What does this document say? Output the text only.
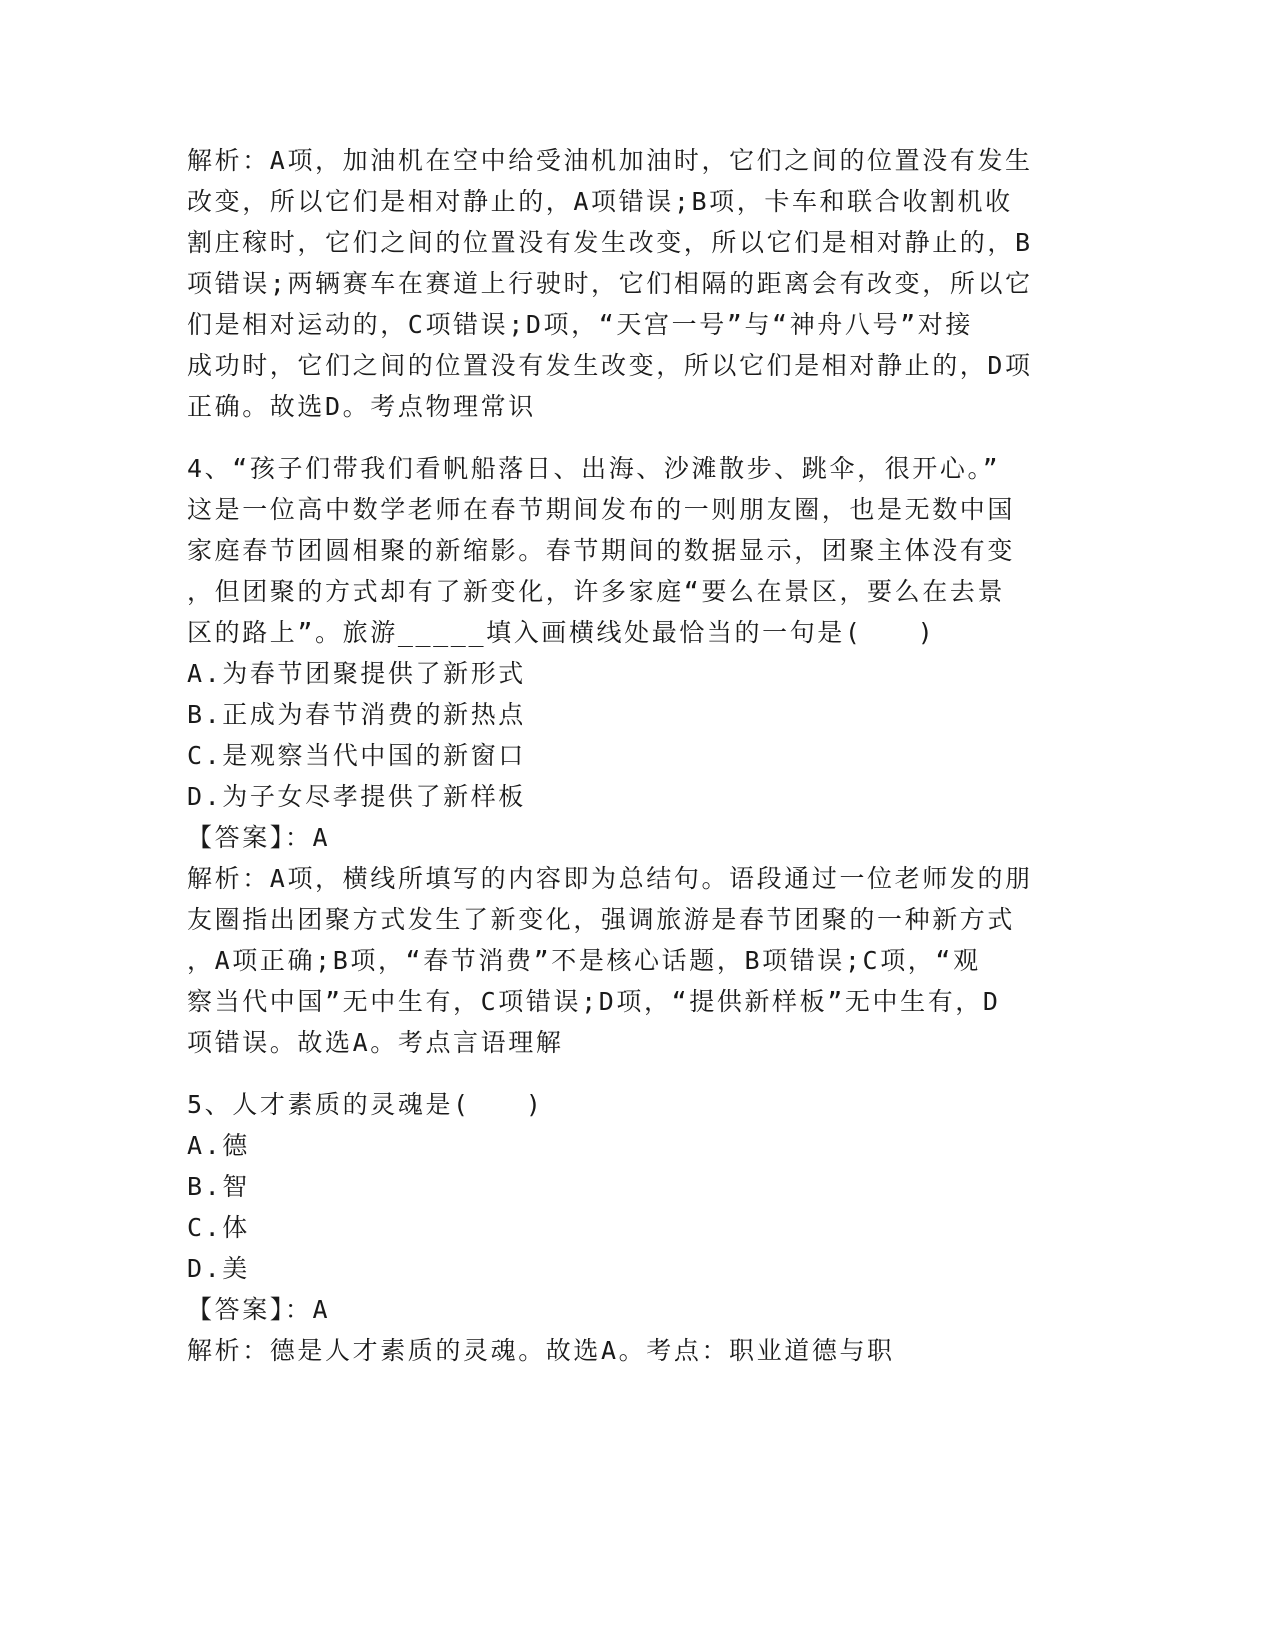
解析：A项，加油机在空中给受油机加油时，它们之间的位置没有发生
改变，所以它们是相对静止的，A项错误;B项，卡车和联合收割机收
割庄稼时，它们之间的位置没有发生改变，所以它们是相对静止的，B
项错误;两辆赛车在赛道上行驶时，它们相隔的距离会有改变，所以它
们是相对运动的，C项错误;D项，“天宫一号”与“神舟八号”对接
成功时，它们之间的位置没有发生改变，所以它们是相对静止的，D项
正确。故选D。考点物理常识
4、“孩子们带我们看帆船落日、出海、沙滩散步、跳伞，很开心。”
这是一位高中数学老师在春节期间发布的一则朋友圈，也是无数中国
家庭春节团圆相聚的新缩影。春节期间的数据显示，团聚主体没有变
，但团聚的方式却有了新变化，许多家庭“要么在景区，要么在去景
区的路上”。旅游_____填入画横线处最恰当的一句是(　　)
A.为春节团聚提供了新形式
B.正成为春节消费的新热点
C.是观察当代中国的新窗口
D.为子女尽孝提供了新样板
【答案】：A
解析：A项，横线所填写的内容即为总结句。语段通过一位老师发的朋
友圈指出团聚方式发生了新变化，强调旅游是春节团聚的一种新方式
，A项正确;B项，“春节消费”不是核心话题，B项错误;C项，“观
察当代中国”无中生有，C项错误;D项，“提供新样板”无中生有，D
项错误。故选A。考点言语理解
5、人才素质的灵魂是(　　)
A.德
B.智
C.体
D.美
【答案】：A
解析：德是人才素质的灵魂。故选A。考点：职业道德与职
